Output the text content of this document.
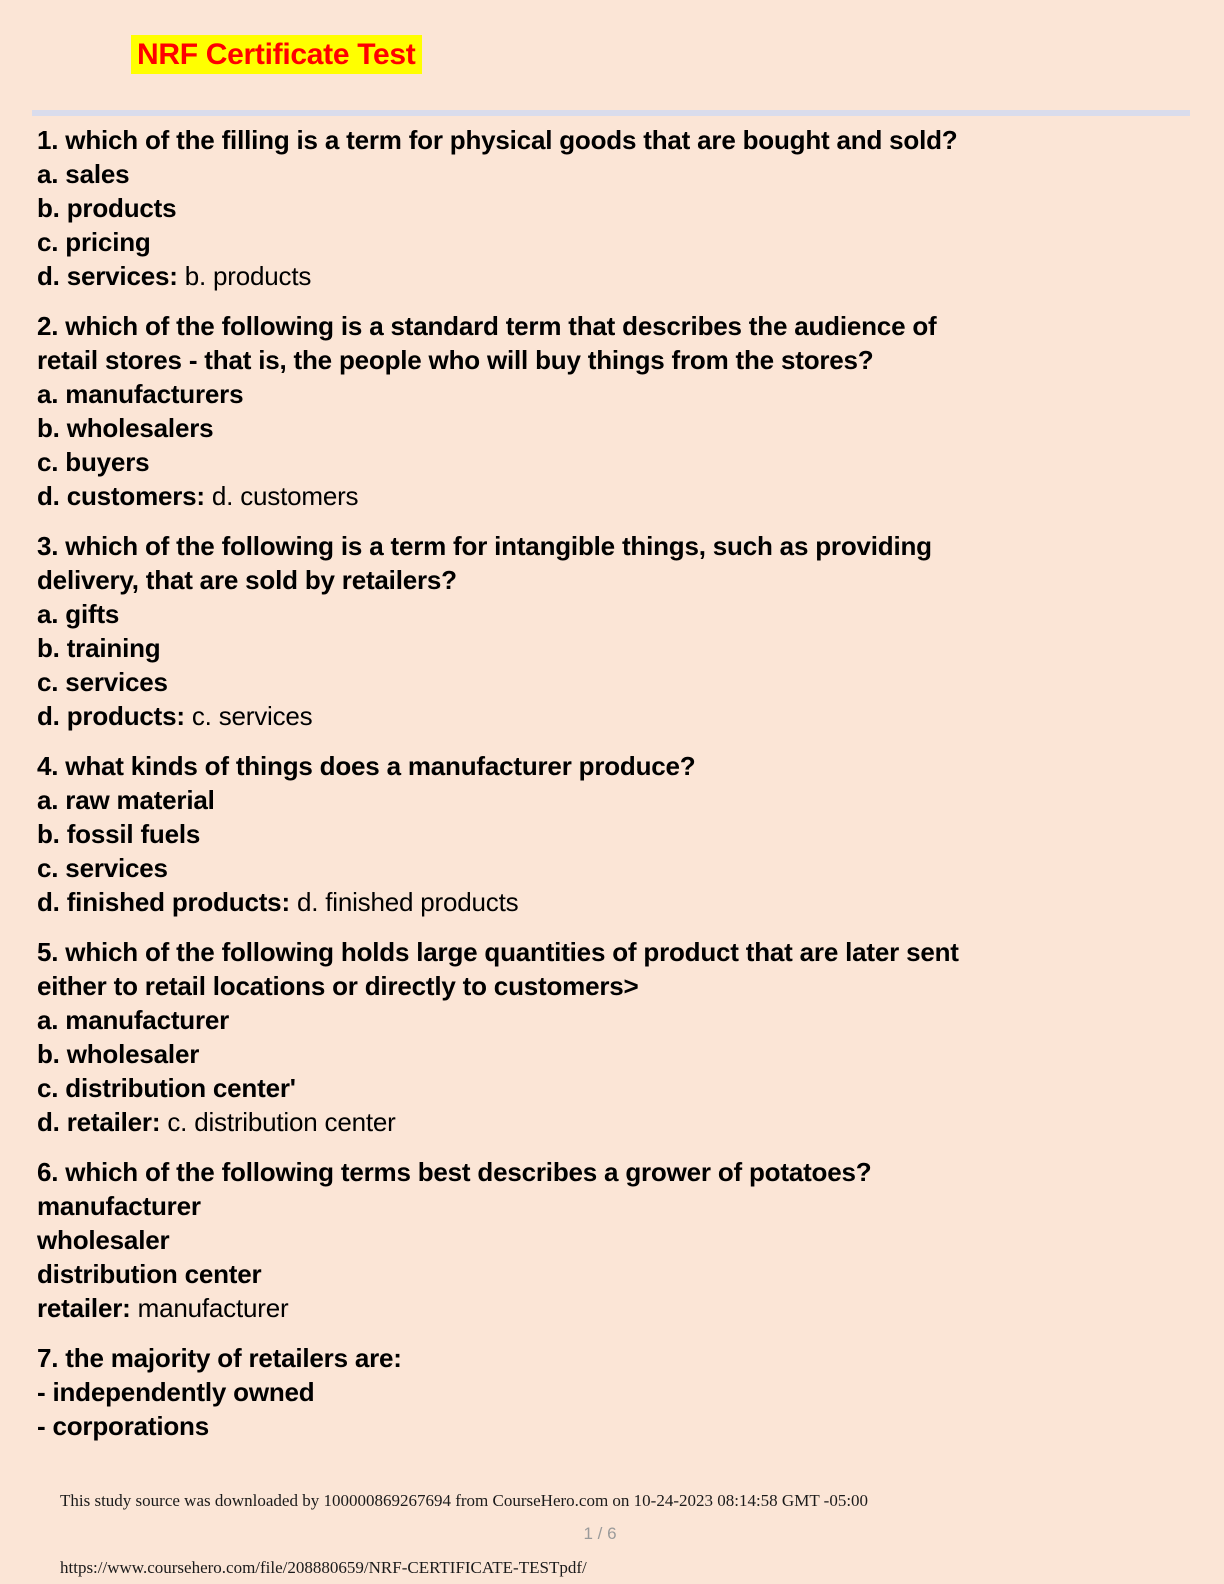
NRF Certificate Test
1. which of the filling is a term for physical goods that are bought and sold?
a. sales
b. products
c. pricing
d. services: b. products
2. which of the following is a standard term that describes the audience of
retail stores - that is, the people who will buy things from the stores?
a. manufacturers
b. wholesalers
c. buyers
d. customers: d. customers
3. which of the following is a term for intangible things, such as providing
delivery, that are sold by retailers?
a. gifts
b. training
c. services
d. products: c. services
4. what kinds of things does a manufacturer produce?
a. raw material
b. fossil fuels
c. services
d. finished products: d. finished products
5. which of the following holds large quantities of product that are later sent
either to retail locations or directly to customers>
a. manufacturer
b. wholesaler
c. distribution center'
d. retailer: c. distribution center
6. which of the following terms best describes a grower of potatoes?
manufacturer
wholesaler
distribution center
retailer: manufacturer
7. the majority of retailers are:
- independently owned
- corporations
This study source was downloaded by 100000869267694 from CourseHero.com on 10-24-2023 08:14:58 GMT -05:00
1 / 6
https://www.coursehero.com/file/208880659/NRF-CERTIFICATE-TESTpdf/
